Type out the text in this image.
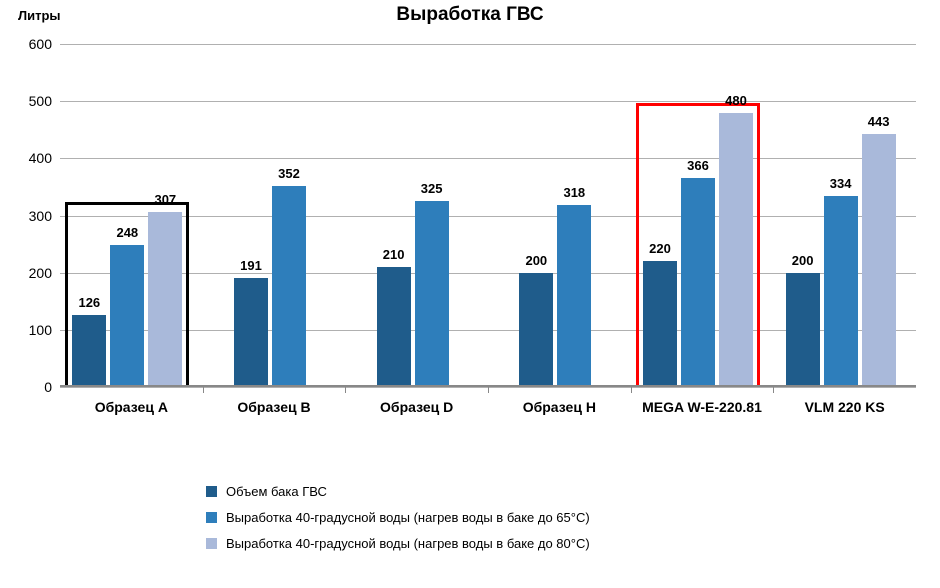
Выработка ГВС
Литры
126
248
307
191
352
210
325
200
318
220
366
480
200
334
443
0
100
200
300
400
500
600
Образец A	Образец B	Образец D	Образец H	MEGA W-E-220.81	VLM 220 KS
Объем бака ГВС
Выработка 40-градусной воды (нагрев воды в баке до 65°C)
Выработка 40-градусной воды (нагрев воды в баке до 80°C)
